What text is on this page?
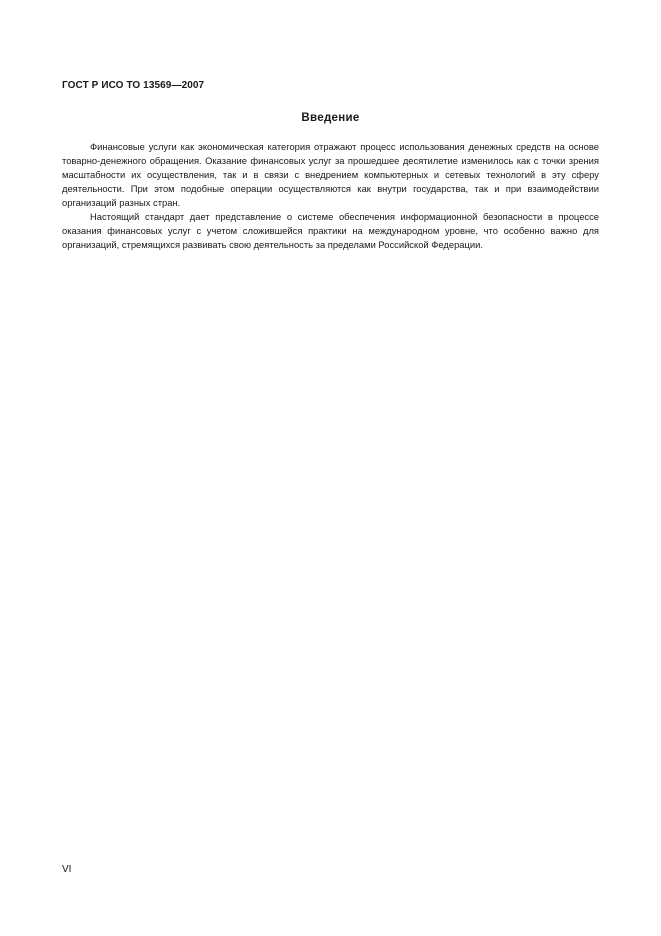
ГОСТ Р ИСО ТО 13569—2007
Введение

Финансовые услуги как экономическая категория отражают процесс использования денежных средств на основе товарно-денежного обращения. Оказание финансовых услуг за прошедшее десятилетие изменилось как с точки зрения масштабности их осуществления, так и в связи с внедрением компьютерных и сетевых технологий в эту сферу деятельности. При этом подобные операции осуществляются как внутри государства, так и при взаимодействии организаций разных стран.

Настоящий стандарт дает представление о системе обеспечения информационной безопасности в процессе оказания финансовых услуг с учетом сложившейся практики на международном уровне, что особенно важно для организаций, стремящихся развивать свою деятельность за пределами Российской Федерации.

VI
